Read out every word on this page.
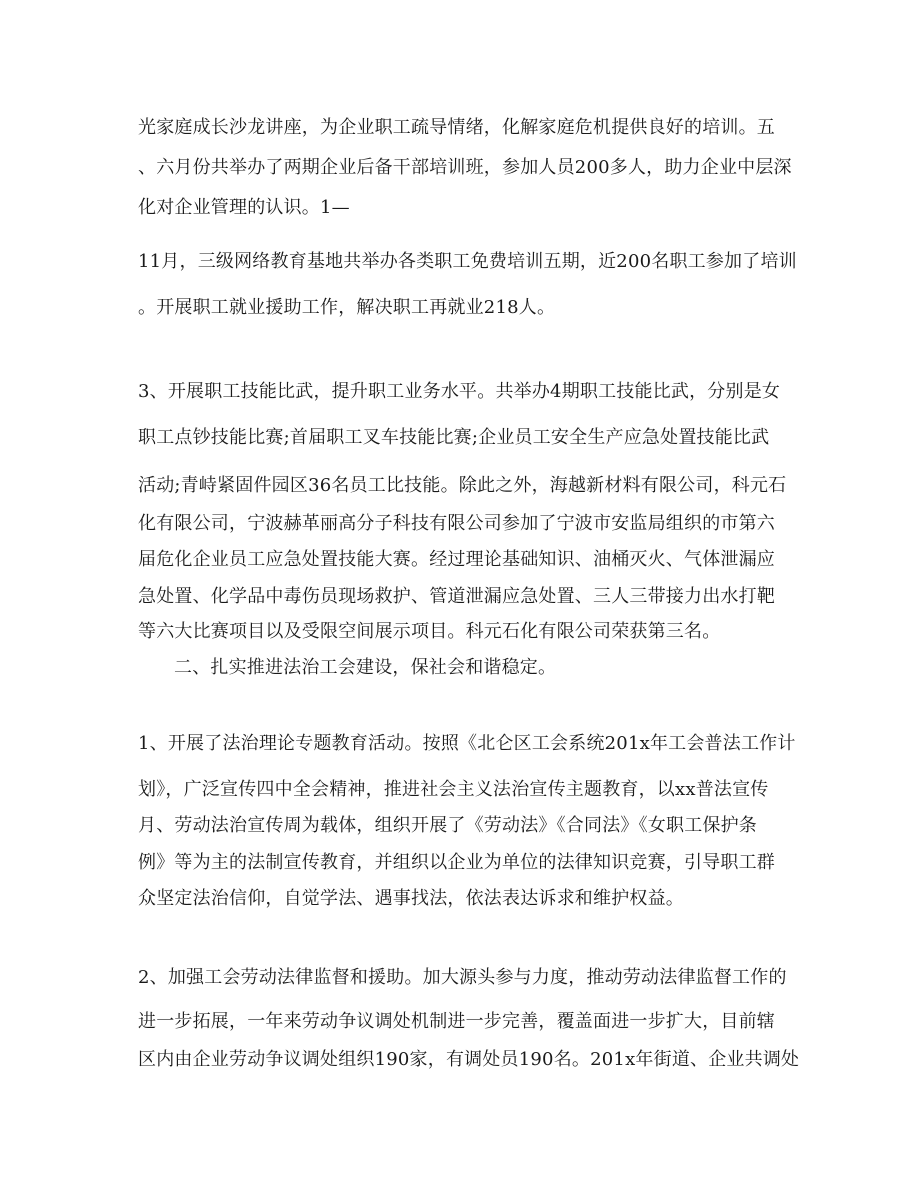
光家庭成长沙龙讲座，为企业职工疏导情绪，化解家庭危机提供良好的培训。五
、六月份共举办了两期企业后备干部培训班，参加人员200多人，助力企业中层深
化对企业管理的认识。1—
11月，三级网络教育基地共举办各类职工免费培训五期，近200名职工参加了培训
。开展职工就业援助工作，解决职工再就业218人。
3、开展职工技能比武，提升职工业务水平。共举办4期职工技能比武，分别是女
职工点钞技能比赛;首届职工叉车技能比赛;企业员工安全生产应急处置技能比武
活动;青峙紧固件园区36名员工比技能。除此之外，海越新材料有限公司，科元石
化有限公司，宁波赫革丽高分子科技有限公司参加了宁波市安监局组织的市第六
届危化企业员工应急处置技能大赛。经过理论基础知识、油桶灭火、气体泄漏应
急处置、化学品中毒伤员现场救护、管道泄漏应急处置、三人三带接力出水打靶
等六大比赛项目以及受限空间展示项目。科元石化有限公司荣获第三名。
二、扎实推进法治工会建设，保社会和谐稳定。
1、开展了法治理论专题教育活动。按照《北仑区工会系统201x年工会普法工作计
划》，广泛宣传四中全会精神，推进社会主义法治宣传主题教育，以xx普法宣传
月、劳动法治宣传周为载体，组织开展了《劳动法》《合同法》《女职工保护条
例》等为主的法制宣传教育，并组织以企业为单位的法律知识竞赛，引导职工群
众坚定法治信仰，自觉学法、遇事找法，依法表达诉求和维护权益。
2、加强工会劳动法律监督和援助。加大源头参与力度，推动劳动法律监督工作的
进一步拓展，一年来劳动争议调处机制进一步完善，覆盖面进一步扩大，目前辖
区内由企业劳动争议调处组织190家，有调处员190名。201x年街道、企业共调处
